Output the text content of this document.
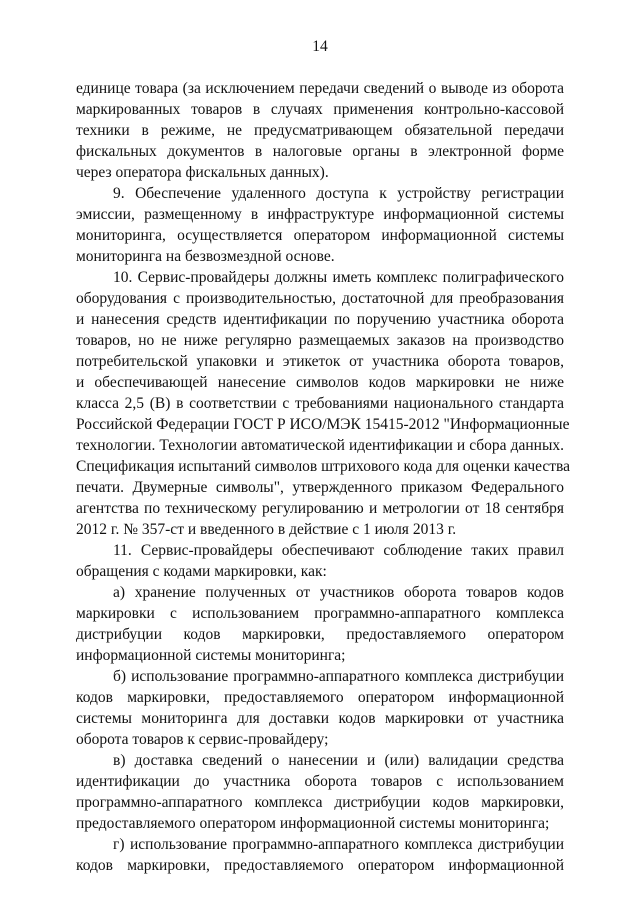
14
единице товара (за исключением передачи сведений о выводе из оборота
маркированных товаров в случаях применения контрольно-кассовой
техники в режиме, не предусматривающем обязательной передачи
фискальных документов в налоговые органы в электронной форме
через оператора фискальных данных).
9. Обеспечение удаленного доступа к устройству регистрации
эмиссии, размещенному в инфраструктуре информационной системы
мониторинга, осуществляется оператором информационной системы
мониторинга на безвозмездной основе.
10. Сервис-провайдеры должны иметь комплекс полиграфического
оборудования с производительностью, достаточной для преобразования
и нанесения средств идентификации по поручению участника оборота
товаров, но не ниже регулярно размещаемых заказов на производство
потребительской упаковки и этикеток от участника оборота товаров,
и обеспечивающей нанесение символов кодов маркировки не ниже
класса 2,5 (В) в соответствии с требованиями национального стандарта
Российской Федерации ГОСТ Р ИСО/МЭК 15415-2012 "Информационные
технологии. Технологии автоматической идентификации и сбора данных.
Спецификация испытаний символов штрихового кода для оценки качества
печати. Двумерные символы", утвержденного приказом Федерального
агентства по техническому регулированию и метрологии от 18 сентября
2012 г. № 357-ст и введенного в действие с 1 июля 2013 г.
11. Сервис-провайдеры обеспечивают соблюдение таких правил
обращения с кодами маркировки, как:
а) хранение полученных от участников оборота товаров кодов
маркировки с использованием программно-аппаратного комплекса
дистрибуции кодов маркировки, предоставляемого оператором
информационной системы мониторинга;
б) использование программно-аппаратного комплекса дистрибуции
кодов маркировки, предоставляемого оператором информационной
системы мониторинга для доставки кодов маркировки от участника
оборота товаров к сервис-провайдеру;
в) доставка сведений о нанесении и (или) валидации средства
идентификации до участника оборота товаров с использованием
программно-аппаратного комплекса дистрибуции кодов маркировки,
предоставляемого оператором информационной системы мониторинга;
г) использование программно-аппаратного комплекса дистрибуции
кодов маркировки, предоставляемого оператором информационной
